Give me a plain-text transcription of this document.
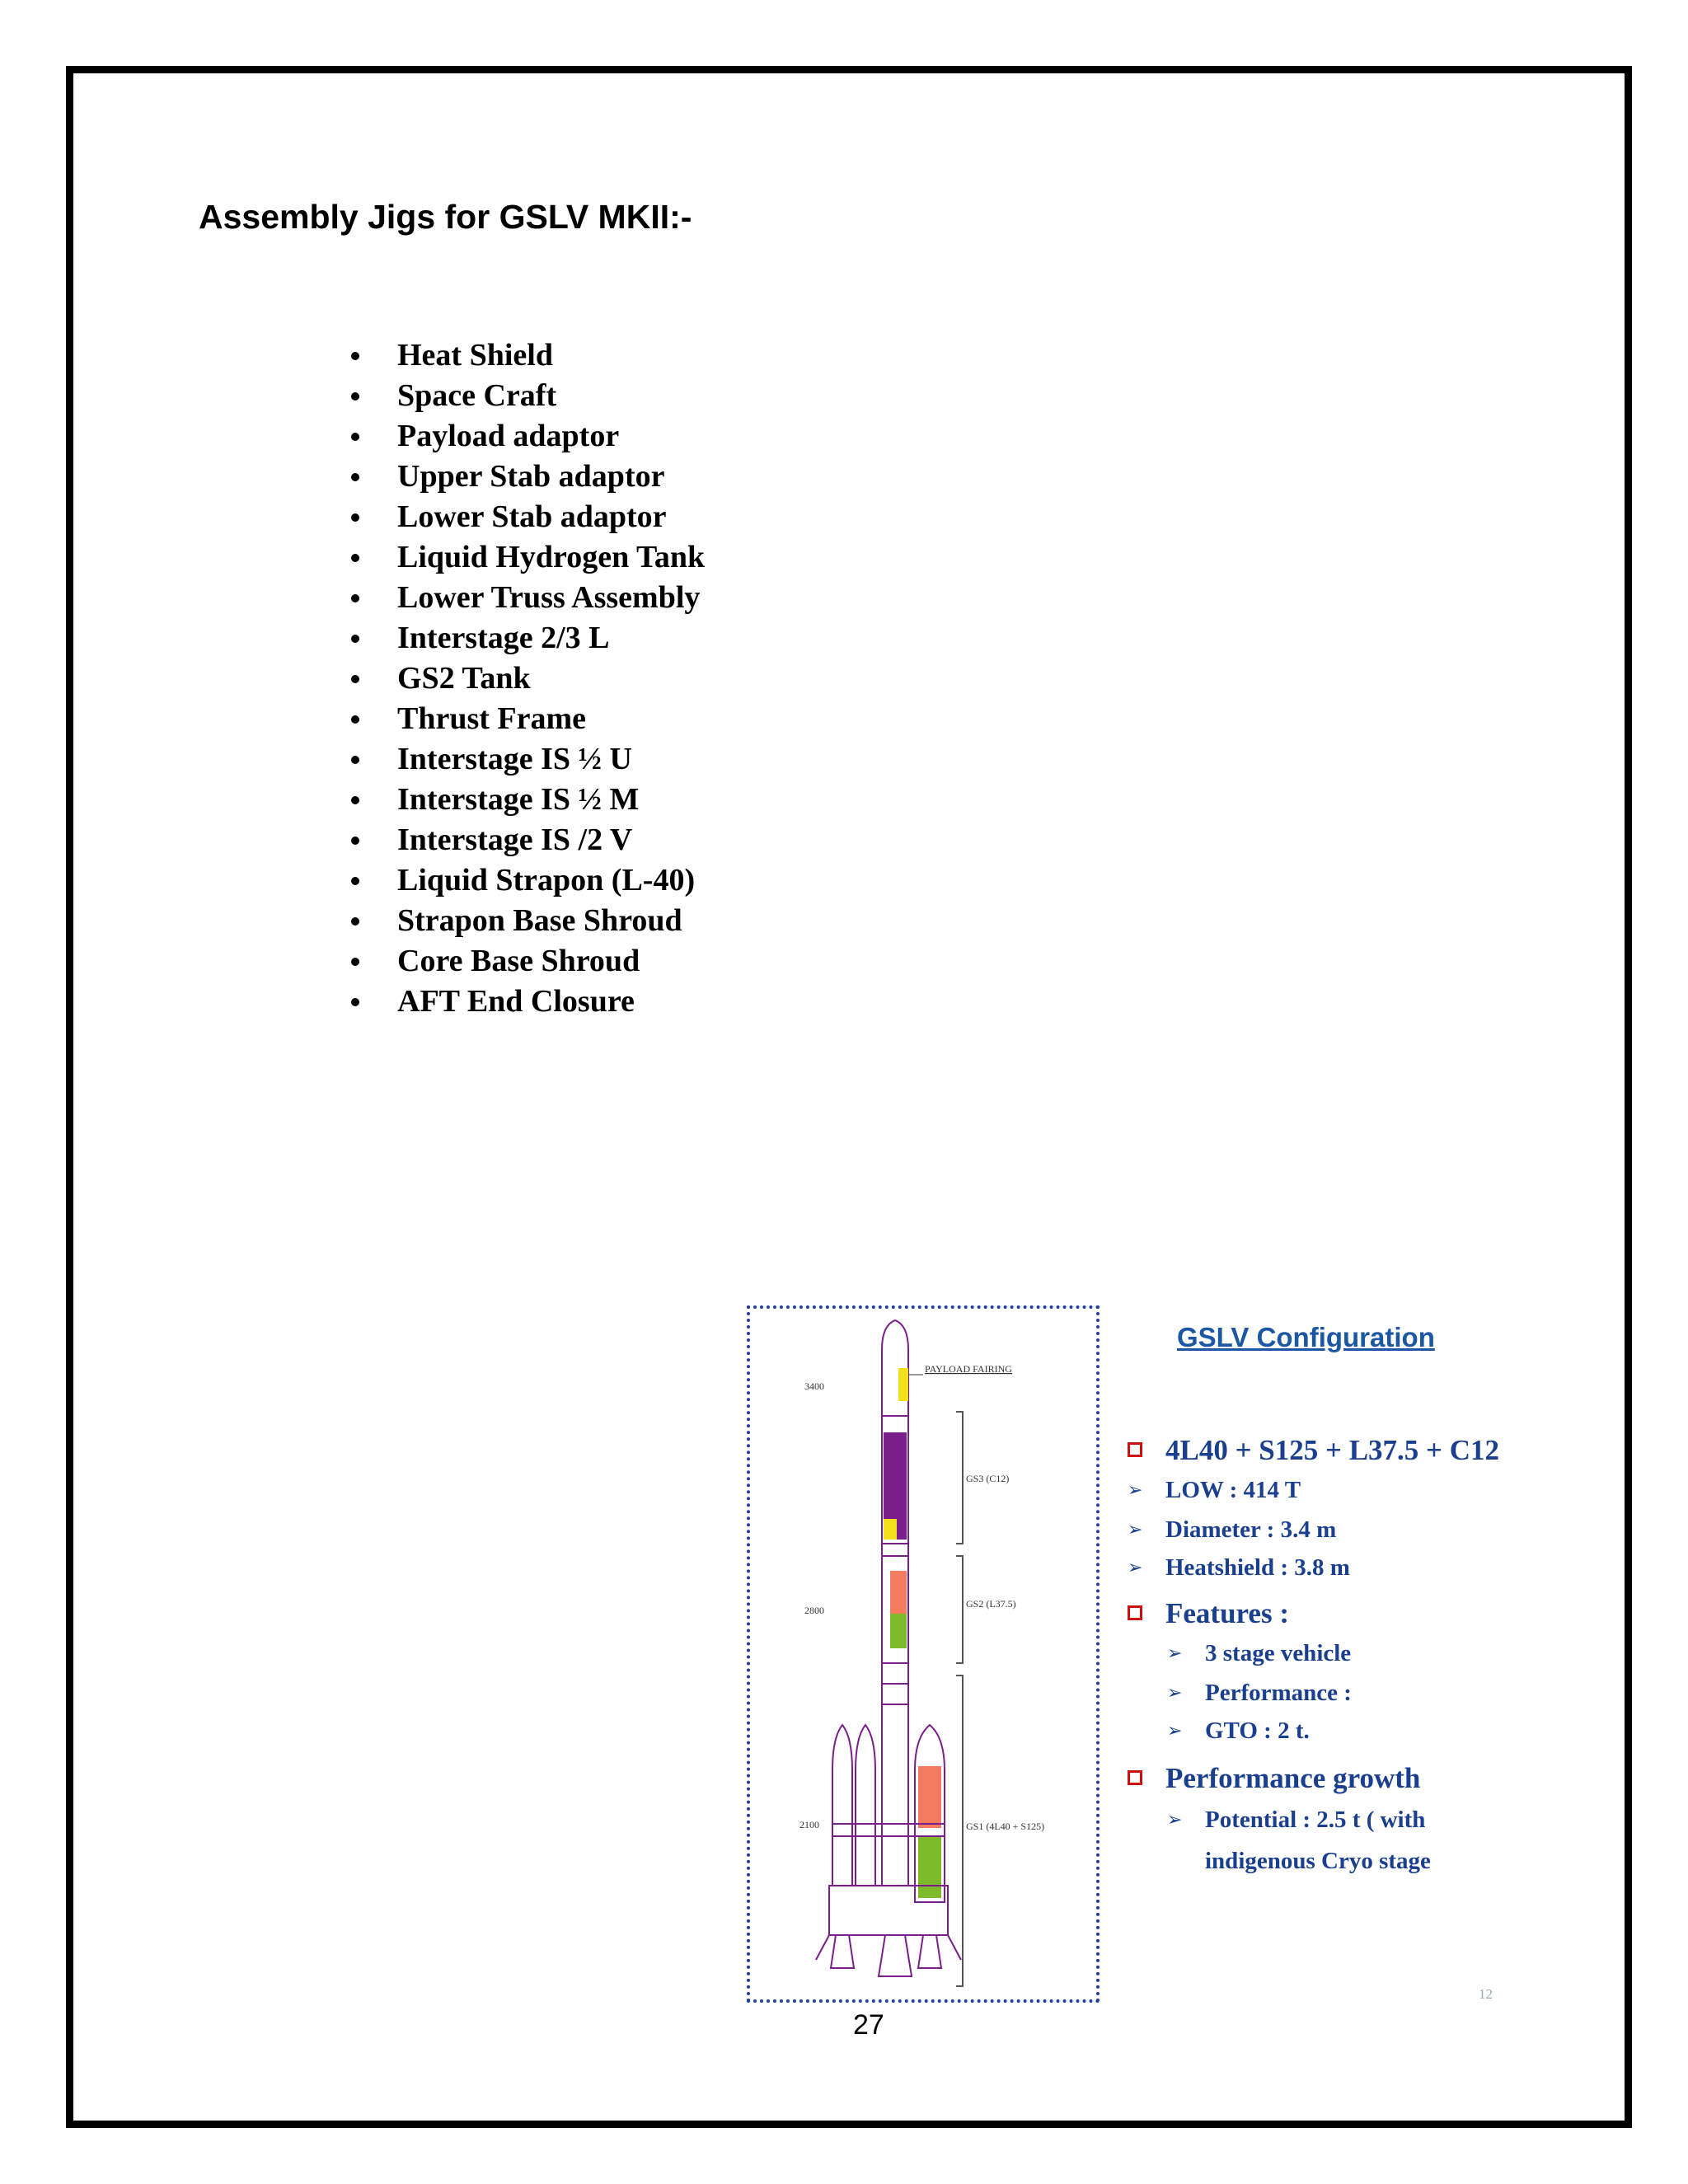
Assembly Jigs for GSLV MKII:-
Heat Shield
Space Craft
Payload adaptor
Upper Stab adaptor
Lower Stab adaptor
Liquid Hydrogen Tank
Lower Truss Assembly
Interstage 2/3 L
GS2 Tank
Thrust Frame
Interstage IS ½ U
Interstage IS ½ M
Interstage IS /2 V
Liquid Strapon (L-40)
Strapon Base Shroud
Core Base Shroud
AFT End Closure
3400
2800
2100
PAYLOAD FAIRING
GS3 (C12)
GS2 (L37.5)
GS1 (4L40 + S125)
GSLV Configuration
4L40 + S125 + L37.5 + C12
➢ LOW : 414 T
➢ Diameter : 3.4 m
➢ Heatshield : 3.8 m
Features :
➢ 3 stage vehicle
➢ Performance :
➢ GTO : 2 t.
Performance growth
➢ Potential : 2.5 t ( with
indigenous Cryo stage
12
27
